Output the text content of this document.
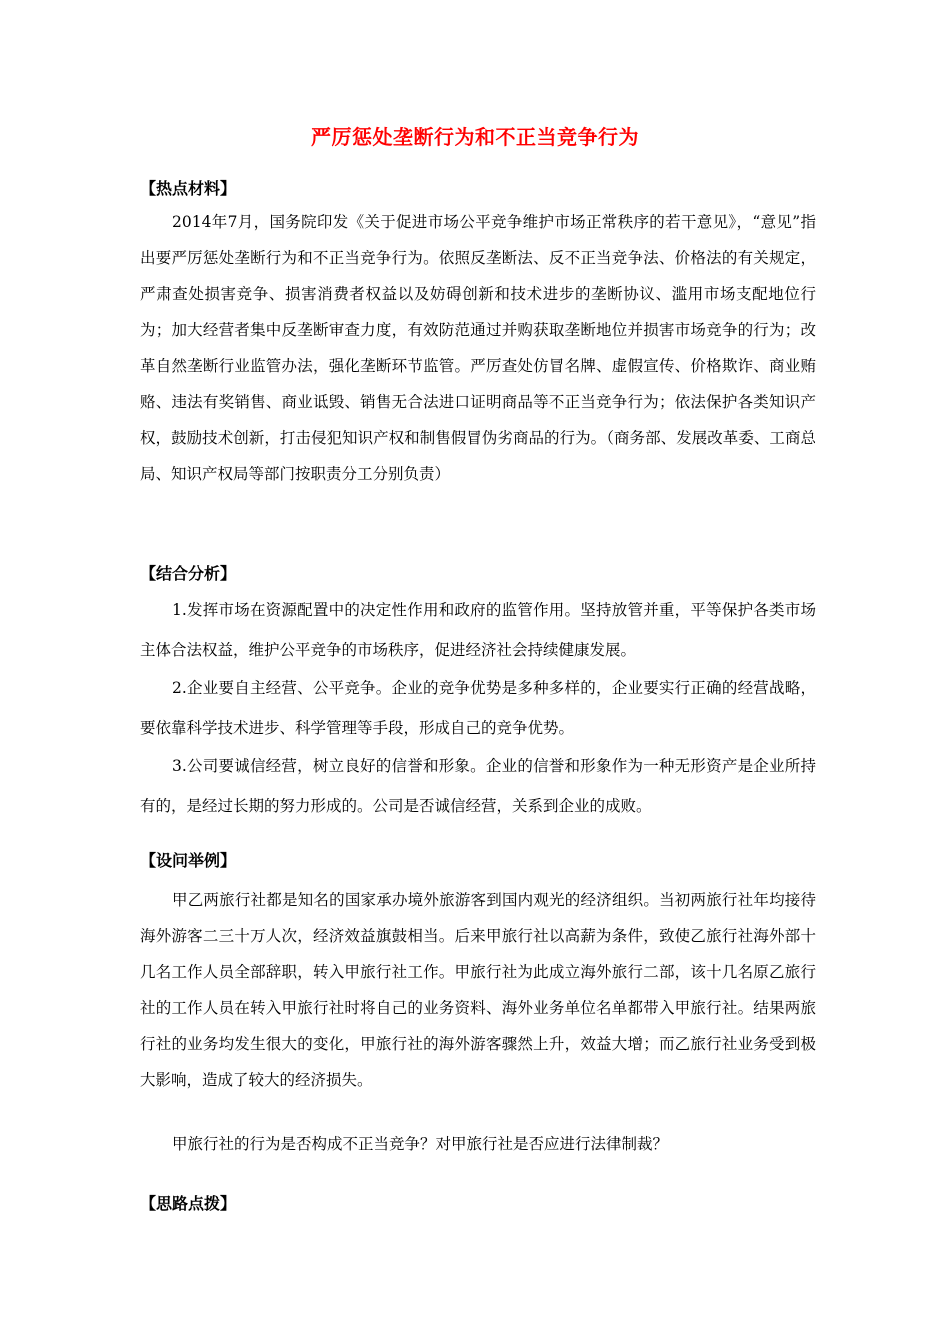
严厉惩处垄断行为和不正当竞争行为
【热点材料】

2014年7月，国务院印发《关于促进市场公平竞争维护市场正常秩序的若干意见》，“意见”指出要严厉惩处垄断行为和不正当竞争行为。依照反垄断法、反不正当竞争法、价格法的有关规定，严肃查处损害竞争、损害消费者权益以及妨碍创新和技术进步的垄断协议、滥用市场支配地位行为；加大经营者集中反垄断审查力度，有效防范通过并购获取垄断地位并损害市场竞争的行为；改革自然垄断行业监管办法，强化垄断环节监管。严厉查处仿冒名牌、虚假宣传、价格欺诈、商业贿赂、违法有奖销售、商业诋毁、销售无合法进口证明商品等不正当竞争行为；依法保护各类知识产权，鼓励技术创新，打击侵犯知识产权和制售假冒伪劣商品的行为。（商务部、发展改革委、工商总局、知识产权局等部门按职责分工分别负责）

【结合分析】

1.发挥市场在资源配置中的决定性作用和政府的监管作用。坚持放管并重，平等保护各类市场主体合法权益，维护公平竞争的市场秩序，促进经济社会持续健康发展。

2.企业要自主经营、公平竞争。企业的竞争优势是多种多样的，企业要实行正确的经营战略，要依靠科学技术进步、科学管理等手段，形成自己的竞争优势。

3.公司要诚信经营，树立良好的信誉和形象。企业的信誉和形象作为一种无形资产是企业所持有的，是经过长期的努力形成的。公司是否诚信经营，关系到企业的成败。

【设问举例】

甲乙两旅行社都是知名的国家承办境外旅游客到国内观光的经济组织。当初两旅行社年均接待海外游客二三十万人次，经济效益旗鼓相当。后来甲旅行社以高薪为条件，致使乙旅行社海外部十几名工作人员全部辞职，转入甲旅行社工作。甲旅行社为此成立海外旅行二部，该十几名原乙旅行社的工作人员在转入甲旅行社时将自己的业务资料、海外业务单位名单都带入甲旅行社。结果两旅行社的业务均发生很大的变化，甲旅行社的海外游客骤然上升，效益大增；而乙旅行社业务受到极大影响，造成了较大的经济损失。

甲旅行社的行为是否构成不正当竞争？对甲旅行社是否应进行法律制裁？

【思路点拨】
